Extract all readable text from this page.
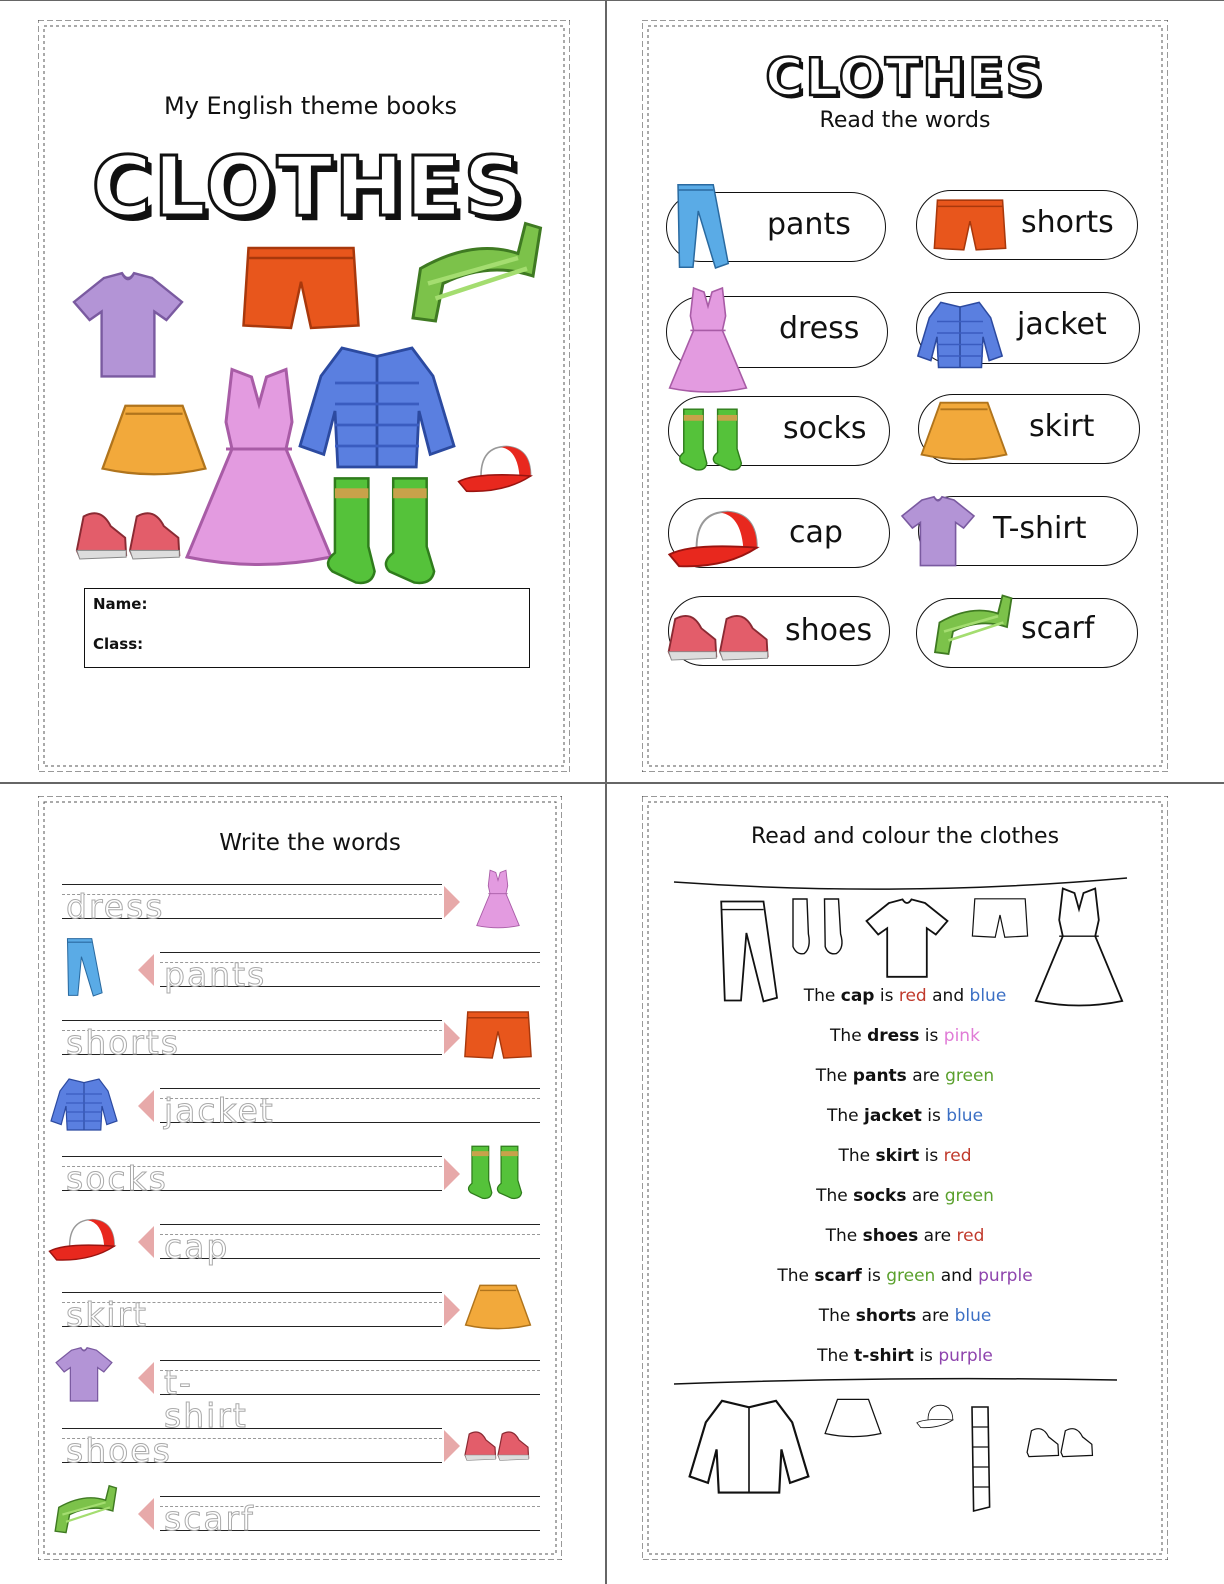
My English theme books
CLOTHES
Name:
Class:
CLOTHES
Read the words
pants	shorts
dress	jacket
socks	skirt
cap	T-shirt
shoes	scarf
Write the words
dress
pants
shorts
jacket
socks
cap
skirt
t-shirt
shoes
scarf
Read and colour the clothes
The cap is red and blue
The dress is pink
The pants are green
The jacket is blue
The skirt is red
The socks are green
The shoes are red
The scarf is green and purple
The shorts are blue
The t-shirt is purple
